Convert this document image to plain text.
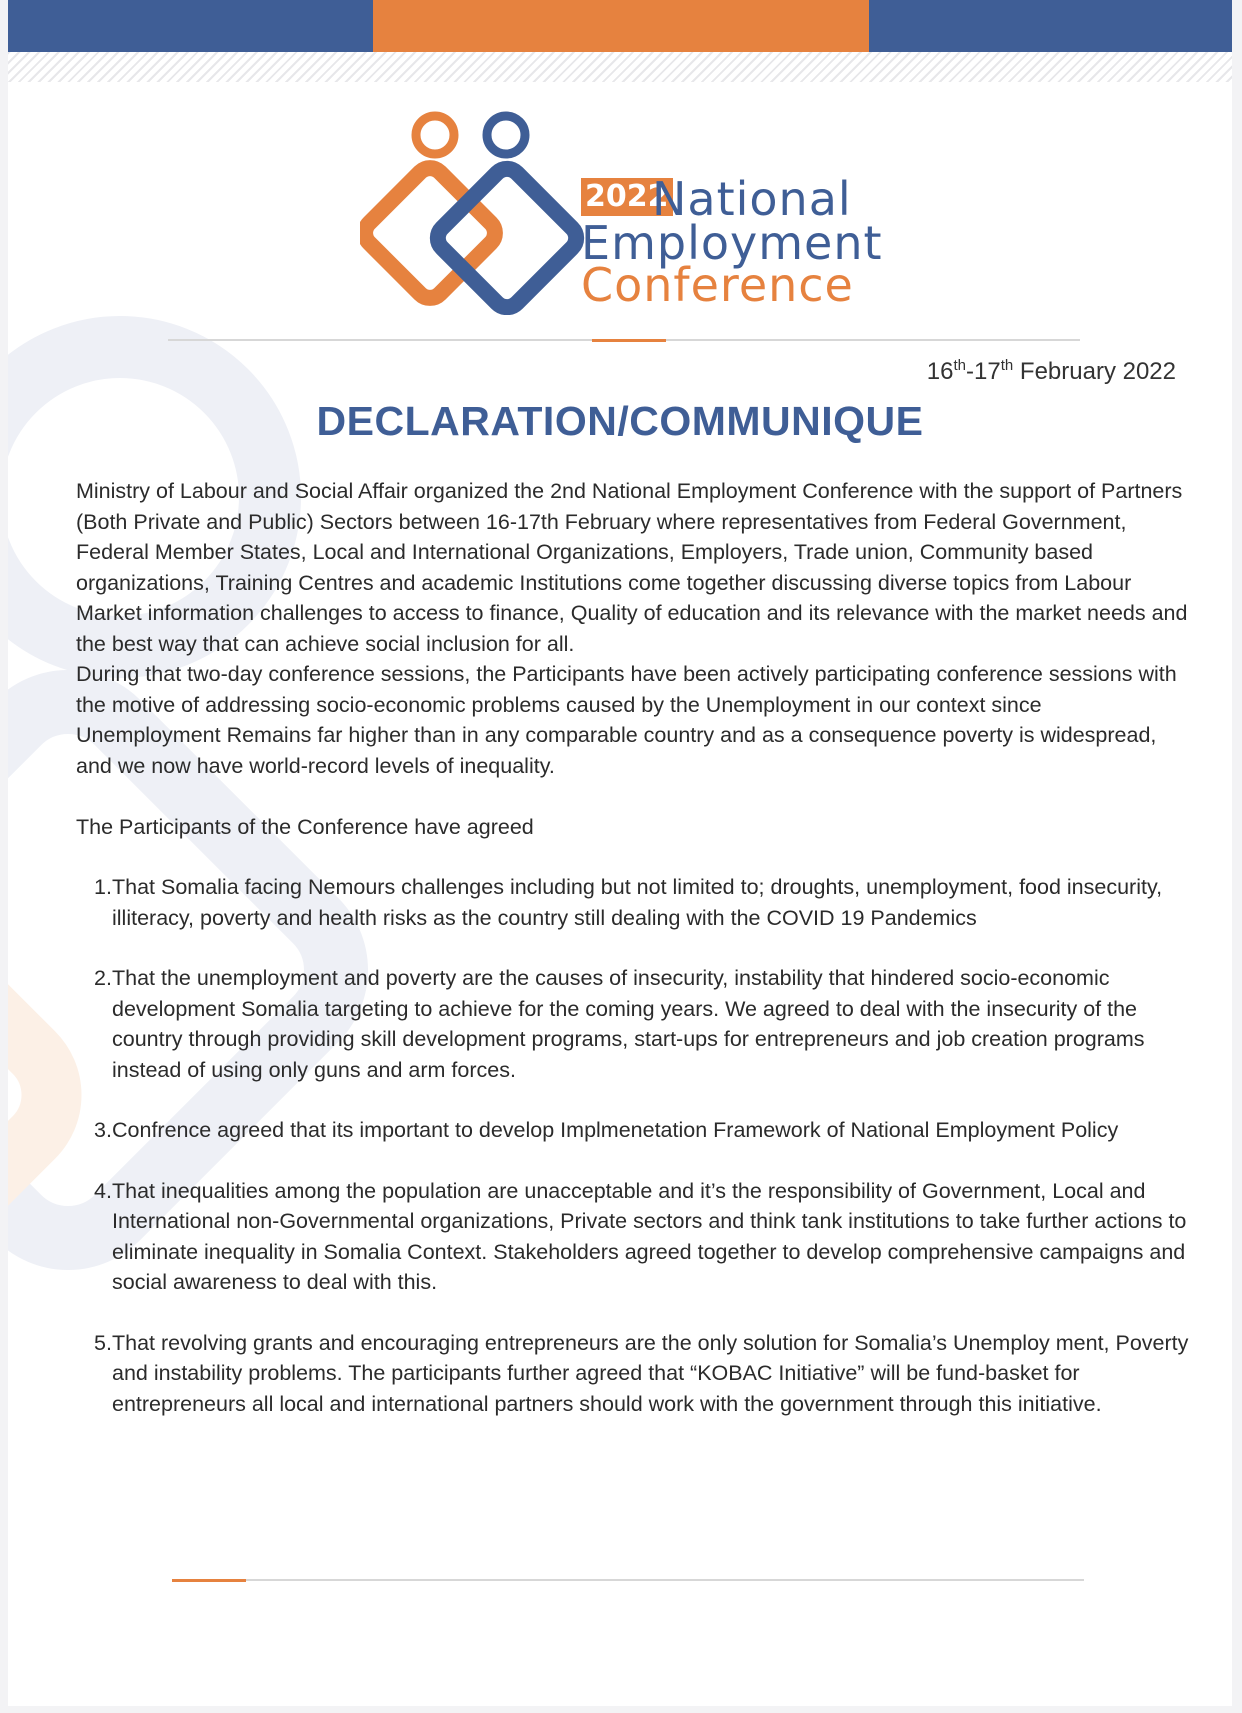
2022
National
Employment
Conference
16th-17th February 2022
DECLARATION/COMMUNIQUE

Ministry of Labour and Social Affair organized the 2nd National Employment Conference with the support of Partners (Both Private and Public) Sectors between 16-17th February where representatives from Federal Government, Federal Member States, Local and International Organizations, Employers, Trade union, Community based organizations, Training Centres and academic Institutions come together discussing diverse topics from Labour Market information challenges to access to finance, Quality of education and its relevance with the market needs and the best way that can achieve social inclusion for all.

During that two-day conference sessions, the Participants have been actively participating conference sessions with the motive of addressing socio-economic problems caused by the Unemployment in our context since Unemployment Remains far higher than in any comparable country and as a consequence poverty is widespread, and we now have world-record levels of inequality.

The Participants of the Conference have agreed
1. That Somalia facing Nemours challenges including but not limited to; droughts, unemployment, food insecurity, illiteracy, poverty and health risks as the country still dealing with the COVID 19 Pandemics
2. That the unemployment and poverty are the causes of insecurity, instability that hindered socio-economic development Somalia targeting to achieve for the coming years. We agreed to deal with the insecurity of the country through providing skill development programs, start-ups for entrepreneurs and job creation programs instead of using only guns and arm forces.
3. Confrence agreed that its important to develop Implmenetation Framework of National Employment Policy
4. That inequalities among the population are unacceptable and it’s the responsibility of Government, Local and International non-Governmental organizations, Private sectors and think tank institutions to take further actions to eliminate inequality in Somalia Context. Stakeholders agreed together to develop comprehensive campaigns and social awareness to deal with this.
5. That revolving grants and encouraging entrepreneurs are the only solution for Somalia’s Unemploy ment, Poverty and instability problems. The participants further agreed that “KOBAC Initiative” will be fund-basket for entrepreneurs all local and international partners should work with the government through this initiative.
